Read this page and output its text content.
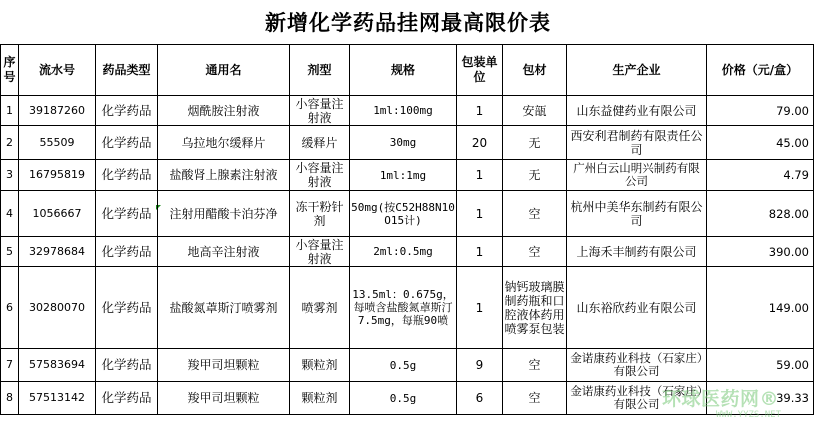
新增化学药品挂网最高限价表
序号	流水号	药品类型	通用名	剂型	规格	包装单位	包材	生产企业	价格（元/盒）
1	39187260	化学药品	烟酰胺注射液	小容量注射液	1ml:100mg	1	安瓿	山东益健药业有限公司	79.00
2	55509	化学药品	乌拉地尔缓释片	缓释片	30mg	20	无	西安利君制药有限责任公司	45.00
3	16795819	化学药品	盐酸肾上腺素注射液	小容量注射液	1ml:1mg	1	无	广州白云山明兴制药有限公司	4.79
4	1056667	化学药品	注射用醋酸卡泊芬净	冻干粉针剂	50mg(按C52H88N10O15计)	1	空	杭州中美华东制药有限公司	828.00
5	32978684	化学药品	地高辛注射液	小容量注射液	2ml:0.5mg	1	空	上海禾丰制药有限公司	390.00
6	30280070	化学药品	盐酸氮䓬斯汀喷雾剂	喷雾剂	13.5ml：0.675g，每喷含盐酸氮䓬斯汀7.5mg，每瓶90喷	1	钠钙玻璃膜制药瓶和口腔液体药用喷雾泵包装	山东裕欣药业有限公司	149.00
7	57583694	化学药品	羧甲司坦颗粒	颗粒剂	0.5g	9	空	金诺康药业科技（石家庄）有限公司	59.00
8	57513142	化学药品	羧甲司坦颗粒	颗粒剂	0.5g	6	空	金诺康药业科技（石家庄）有限公司	39.33
环球医药网®
WWW.YYZS.NET
